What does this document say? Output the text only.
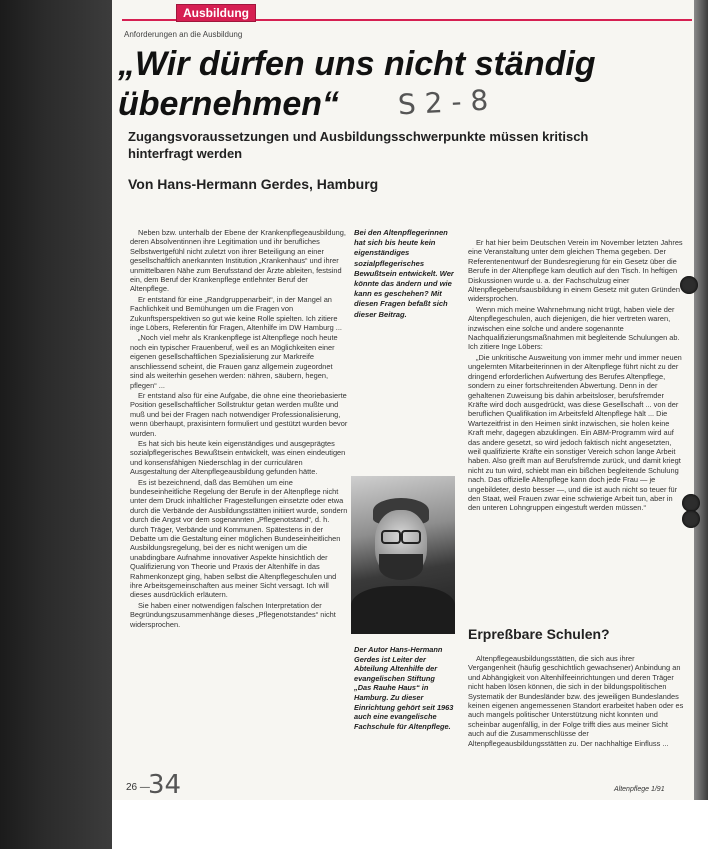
Ausbildung
Anforderungen an die Ausbildung
„Wir dürfen uns nicht ständig übernehmen“	S 2 - 8
Zugangsvoraussetzungen und Ausbildungsschwerpunkte müssen kritisch hinterfragt werden
Von Hans-Hermann Gerdes, Hamburg

Neben bzw. unterhalb der Ebene der Krankenpflegeausbildung, deren Absolventinnen ihre Legitimation und ihr berufliches Selbstwertgefühl nicht zuletzt von ihrer Beteiligung an einer gesellschaftlich anerkannten Institution „Krankenhaus“ und ihrer unmittelbaren Nähe zum Berufsstand der Ärzte ableiten, festsind ein, dem Beruf der Krankenpflege entlehnter Beruf der Altenpflege.

Er entstand für eine „Randgruppenarbeit“, in der Mangel an Fachlichkeit und Bemühungen um die Fragen von Zukunftsperspektiven so gut wie keine Rolle spielten. Ich zitiere inge Löbers, Referentin für Fragen, Altenhilfe im DW Hamburg ...

„Noch viel mehr als Krankenpflege ist Altenpflege noch heute noch ein typischer Frauenberuf, weil es an Möglichkeiten einer eigenen gesellschaftlichen Spezialisierung zur Markreife anschliessend scheint, die Frauen ganz allgemein zugeordnet sind als weiterhin gesehen werden: nähren, säubern, hegen, pflegen“ ...

Er entstand also für eine Aufgabe, die ohne eine theoriebasierte Position gesellschaftlicher Sollstruktur getan werden mußte und muß und bei der Fragen nach notwendiger Professionalisierung, wenn überhaupt, praxisintern formuliert und gestützt wurden bevor wurden.

Es hat sich bis heute kein eigenständiges und ausgeprägtes sozialpflegerisches Bewußtsein entwickelt, was einen eindeutigen und konsensfähigen Niederschlag in der curriculären Ausgestaltung der Altenpflegeausbildung gefunden hätte.

Es ist bezeichnend, daß das Bemühen um eine bundeseinheitliche Regelung der Berufe in der Altenpflege nicht unter dem Druck inhaltlicher Fragestellungen einsetzte oder etwa durch die Verbände der Ausbildungsstätten initiiert wurde, sondern durch die Angst vor dem sogenannten „Pflegenotstand“, d. h. durch Träger, Verbände und Kommunen. Spätestens in der Debatte um die Gestaltung einer möglichen Bundeseinheitlichen Ausbildungsregelung, bei der es nicht wenigen um die unabdingbare Aufnahme innovativer Aspekte hinsichtlich der Qualifizierung von Theorie und Praxis der Altenhilfe in das Rahmenkonzept ging, haben selbst die Altenpflegeschulen und ihre Arbeitsgemeinschaften aus meiner Sicht versagt. Ich will dieses ausdrücklich erläutern.

Sie haben einer notwendigen falschen Interpretation der Begründungszusammenhänge dieses „Pflegenotstandes“ nicht widersprochen.

Bei den Altenpflegerinnen hat sich bis heute kein eigenständiges sozialpflegerisches Bewußtsein entwickelt. Wer könnte das ändern und wie kann es geschehen? Mit diesen Fragen befaßt sich dieser Beitrag.

Der Autor Hans-Hermann Gerdes ist Leiter der Abteilung Altenhilfe der evangelischen Stiftung „Das Rauhe Haus“ in Hamburg. Zu dieser Einrichtung gehört seit 1963 auch eine evangelische Fachschule für Altenpflege.

Er hat hier beim Deutschen Verein im November letzten Jahres eine Veranstaltung unter dem gleichen Thema gegeben. Der Referentenentwurf der Bundesregierung für ein Gesetz über die Berufe in der Altenpflege kam deutlich auf den Tisch. In heftigen Diskussionen wurde u. a. der Fachschulzug einer Altenpflegeberufsausbildung in einem Gesetz mit guten Gründen widersprochen.

Wenn mich meine Wahrnehmung nicht trügt, haben viele der Altenpflegeschulen, auch diejenigen, die hier vertreten waren, inzwischen eine solche und andere sogenannte Nachqualifizierungsmaßnahmen mit begleitende Schulungen ab. Ich zitiere Inge Löbers:

„Die unkritische Ausweitung von immer mehr und immer neuen ungelernten Mitarbeiterinnen in der Altenpflege führt nicht zu der dringend erforderlichen Aufwertung des Berufes Altenpflege, sondern zu einer fortschreitenden Abwertung. Denn in der gehaltenen Zuweisung bis dahin arbeitsloser, berufsfremder Kräfte wird doch ausgedrückt, was diese Gesellschaft ... von der beruflichen Qualifikation im Arbeitsfeld Altenpflege hält ... Die Wartezeitfrist in den Heimen sinkt inzwischen, sie holen keine Kraft mehr, dagegen abzuklingen. Ein ABM-Programm wird auf das andere gesetzt, so wird jedoch faktisch nicht angesetzten, weil qualifizierte Kräfte ein sonstiger Vereich schon lange Arbeit haben. Also greift man auf Berufsfremde zurück, und damit kriegt nicht zu tun wird, schiebt man ein bißchen begleitende Schulung nach. Das offizielle Altenpflege kann doch jede Frau — je ungebildeter, desto besser —, und die ist auch nicht so teuer für den Staat, weil Frauen zwar eine schwierige Arbeit tun, aber in den unteren Lohngruppen eingestuft werden müssen.“

Erpreßbare Schulen?

Altenpflegeausbildungsstätten, die sich aus ihrer Vergangenheit (häufig geschichtlich gewachsener) Anbindung an und Abhängigkeit von Altenhilfeeinrichtungen und deren Träger nicht haben lösen können, die sich in der bildungspolitischen Systematik der Bundesländer bzw. des jeweiligen Bundeslandes keinen eigenen angemessenen Standort erarbeitet haben oder es auch mangels politischer Unterstützung nicht konnten und scheinbar augenfällig, in der Folge trifft dies aus meiner Sicht auch auf die Zusammenschlüsse der Altenpflegeausbildungsstätten zu. Der nachhaltige Einfluss ...

26 —
34	Altenpflege 1/91
